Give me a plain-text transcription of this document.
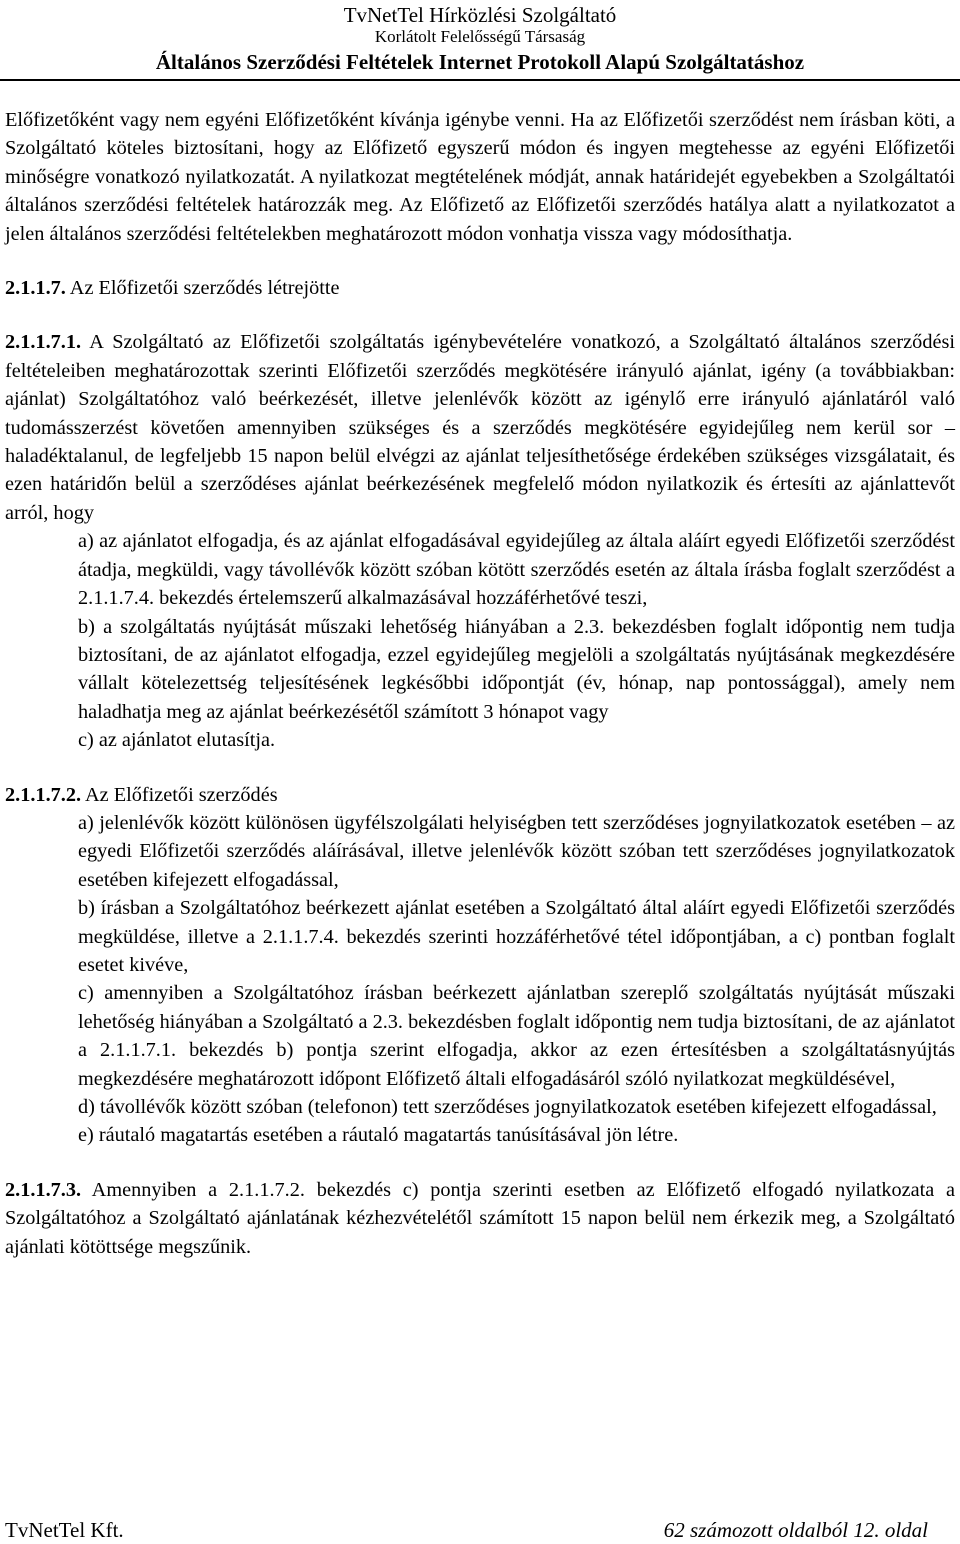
TvNetTel Hírközlési Szolgáltató
Korlátolt Felelősségű Társaság
Általános Szerződési Feltételek Internet Protokoll Alapú Szolgáltatáshoz

Előfizetőként vagy nem egyéni Előfizetőként kívánja igénybe venni. Ha az Előfizetői szerződést nem írásban köti, a Szolgáltató köteles biztosítani, hogy az Előfizető egyszerű módon és ingyen megtehesse az egyéni Előfizetői minőségre vonatkozó nyilatkozatát. A nyilatkozat megtételének módját, annak határidejét egyebekben a Szolgáltatói általános szerződési feltételek határozzák meg. Az Előfizető az Előfizetői szerződés hatálya alatt a nyilatkozatot a jelen általános szerződési feltételekben meghatározott módon vonhatja vissza vagy módosíthatja.

2.1.1.7. Az Előfizetői szerződés létrejötte

2.1.1.7.1. A Szolgáltató az Előfizetői szolgáltatás igénybevételére vonatkozó, a Szolgáltató általános szerződési feltételeiben meghatározottak szerinti Előfizetői szerződés megkötésére irányuló ajánlat, igény (a továbbiakban: ajánlat) Szolgáltatóhoz való beérkezését, illetve jelenlévők között az igénylő erre irányuló ajánlatáról való tudomásszerzést követően amennyiben szükséges és a szerződés megkötésére egyidejűleg nem kerül sor – haladéktalanul, de legfeljebb 15 napon belül elvégzi az ajánlat teljesíthetősége érdekében szükséges vizsgálatait, és ezen határidőn belül a szerződéses ajánlat beérkezésének megfelelő módon nyilatkozik és értesíti az ajánlattevőt arról, hogy

a) az ajánlatot elfogadja, és az ajánlat elfogadásával egyidejűleg az általa aláírt egyedi Előfizetői szerződést átadja, megküldi, vagy távollévők között szóban kötött szerződés esetén az általa írásba foglalt szerződést a 2.1.1.7.4. bekezdés értelemszerű alkalmazásával hozzáférhetővé teszi,

b) a szolgáltatás nyújtását műszaki lehetőség hiányában a 2.3. bekezdésben foglalt időpontig nem tudja biztosítani, de az ajánlatot elfogadja, ezzel egyidejűleg megjelöli a szolgáltatás nyújtásának megkezdésére vállalt kötelezettség teljesítésének legkésőbbi időpontját (év, hónap, nap pontossággal), amely nem haladhatja meg az ajánlat beérkezésétől számított 3 hónapot vagy

c) az ajánlatot elutasítja.

2.1.1.7.2. Az Előfizetői szerződés

a) jelenlévők között különösen ügyfélszolgálati helyiségben tett szerződéses jognyilatkozatok esetében – az egyedi Előfizetői szerződés aláírásával, illetve jelenlévők között szóban tett szerződéses jognyilatkozatok esetében kifejezett elfogadással,

b) írásban a Szolgáltatóhoz beérkezett ajánlat esetében a Szolgáltató által aláírt egyedi Előfizetői szerződés megküldése, illetve a 2.1.1.7.4. bekezdés szerinti hozzáférhetővé tétel időpontjában, a c) pontban foglalt esetet kivéve,

c) amennyiben a Szolgáltatóhoz írásban beérkezett ajánlatban szereplő szolgáltatás nyújtását műszaki lehetőség hiányában a Szolgáltató a 2.3. bekezdésben foglalt időpontig nem tudja biztosítani, de az ajánlatot a 2.1.1.7.1. bekezdés b) pontja szerint elfogadja, akkor az ezen értesítésben a szolgáltatásnyújtás megkezdésére meghatározott időpont Előfizető általi elfogadásáról szóló nyilatkozat megküldésével,

d) távollévők között szóban (telefonon) tett szerződéses jognyilatkozatok esetében kifejezett elfogadással,

e) ráutaló magatartás esetében a ráutaló magatartás tanúsításával jön létre.

2.1.1.7.3. Amennyiben a 2.1.1.7.2. bekezdés c) pontja szerinti esetben az Előfizető elfogadó nyilatkozata a Szolgáltatóhoz a Szolgáltató ajánlatának kézhezvételétől számított 15 napon belül nem érkezik meg, a Szolgáltató ajánlati kötöttsége megszűnik.

TvNetTel Kft.	62 számozott oldalból 12. oldal
